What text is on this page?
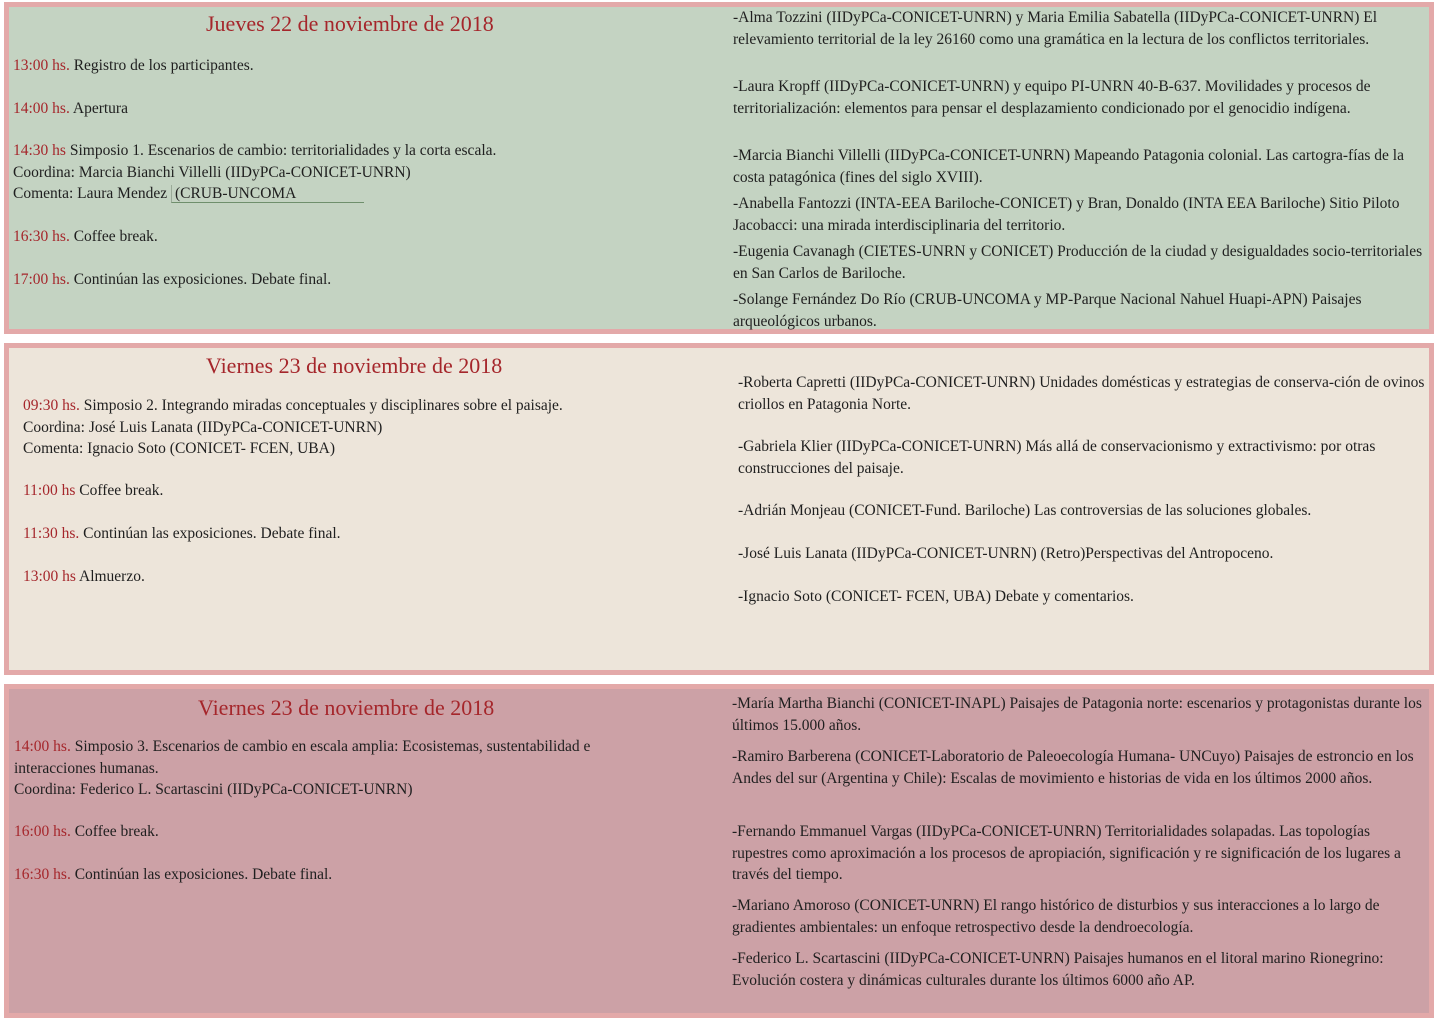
Jueves 22 de noviembre de 2018
13:00 hs. Registro de los participantes.
14:00 hs. Apertura
14:30 hs Simposio 1. Escenarios de cambio: territorialidades y la corta escala.
Coordina: Marcia Bianchi Villelli (IIDyPCa-CONICET-UNRN)
Comenta: Laura Mendez (CRUB-UNCOMA
16:30 hs. Coffee break.
17:00 hs. Continúan las exposiciones. Debate final.
-Alma Tozzini (IIDyPCa-CONICET-UNRN) y Maria Emilia Sabatella (IIDyPCa-CONICET-UNRN) El relevamiento territorial de la ley 26160 como una gramática en la lectura de los conflictos territoriales.
-Laura Kropff (IIDyPCa-CONICET-UNRN) y equipo PI-UNRN 40-B-637. Movilidades y procesos de territorialización: elementos para pensar el desplazamiento condicionado por el genocidio indígena.
-Marcia Bianchi Villelli (IIDyPCa-CONICET-UNRN) Mapeando Patagonia colonial. Las cartogra-fías de la costa patagónica (fines del siglo XVIII).
-Anabella Fantozzi (INTA-EEA Bariloche-CONICET) y Bran, Donaldo (INTA EEA Bariloche) Sitio Piloto Jacobacci: una mirada interdisciplinaria del territorio.
-Eugenia Cavanagh (CIETES-UNRN y CONICET) Producción de la ciudad y desigualdades socio-territoriales en San Carlos de Bariloche.
-Solange Fernández Do Río (CRUB-UNCOMA y MP-Parque Nacional Nahuel Huapi-APN) Paisajes arqueológicos urbanos.
Viernes 23 de noviembre de 2018
09:30 hs. Simposio 2. Integrando miradas conceptuales y disciplinares sobre el paisaje.
Coordina: José Luis Lanata (IIDyPCa-CONICET-UNRN)
Comenta: Ignacio Soto (CONICET- FCEN, UBA)
11:00 hs Coffee break.
11:30 hs. Continúan las exposiciones. Debate final.
13:00 hs Almuerzo.
-Roberta Capretti (IIDyPCa-CONICET-UNRN) Unidades domésticas y estrategias de conserva-ción de ovinos criollos en Patagonia Norte.
-Gabriela Klier (IIDyPCa-CONICET-UNRN) Más allá de conservacionismo y extractivismo: por otras construcciones del paisaje.
-Adrián Monjeau (CONICET-Fund. Bariloche) Las controversias de las soluciones globales.
-José Luis Lanata (IIDyPCa-CONICET-UNRN) (Retro)Perspectivas del Antropoceno.
-Ignacio Soto (CONICET- FCEN, UBA) Debate y comentarios.
Viernes 23 de noviembre de 2018
14:00 hs. Simposio 3. Escenarios de cambio en escala amplia: Ecosistemas, sustentabilidad e
interacciones humanas.
Coordina: Federico L. Scartascini (IIDyPCa-CONICET-UNRN)
16:00 hs. Coffee break.
16:30 hs. Continúan las exposiciones. Debate final.
-María Martha Bianchi (CONICET-INAPL) Paisajes de Patagonia norte: escenarios y protagonistas durante los últimos 15.000 años.
-Ramiro Barberena (CONICET-Laboratorio de Paleoecología Humana- UNCuyo) Paisajes de estroncio en los Andes del sur (Argentina y Chile): Escalas de movimiento e historias de vida en los últimos 2000 años.
-Fernando Emmanuel Vargas (IIDyPCa-CONICET-UNRN) Territorialidades solapadas. Las topologías rupestres como aproximación a los procesos de apropiación, significación y re significación de los lugares a través del tiempo.
-Mariano Amoroso (CONICET-UNRN) El rango histórico de disturbios y sus interacciones a lo largo de gradientes ambientales: un enfoque retrospectivo desde la dendroecología.
-Federico L. Scartascini (IIDyPCa-CONICET-UNRN) Paisajes humanos en el litoral marino Rionegrino: Evolución costera y dinámicas culturales durante los últimos 6000 año AP.
